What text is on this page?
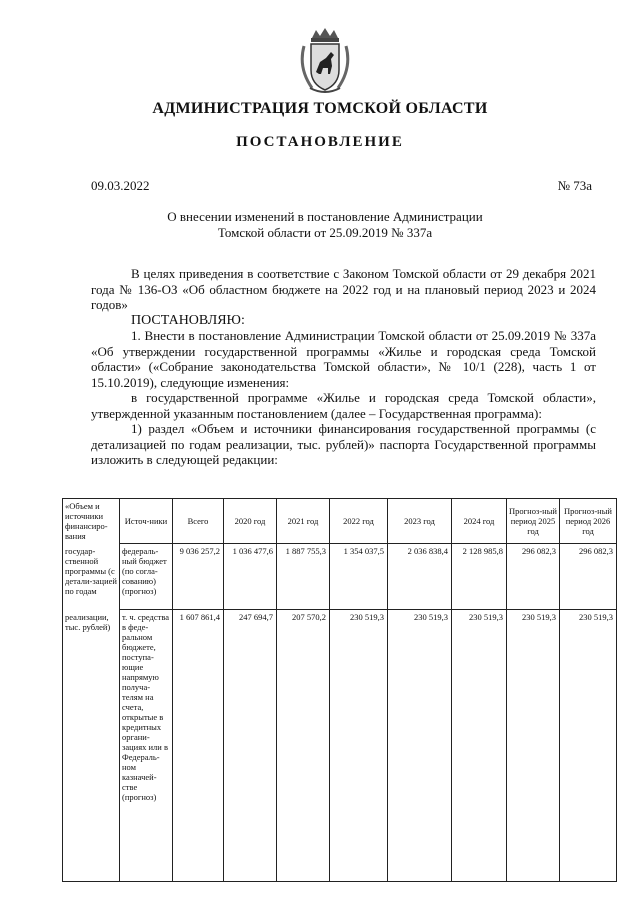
АДМИНИСТРАЦИЯ ТОМСКОЙ ОБЛАСТИ
ПОСТАНОВЛЕНИЕ
09.03.2022	№ 73а
О внесении изменений в постановление Администрации
Томской области от 25.09.2019 № 337а

В целях приведения в соответствие с Законом Томской области от 29 декабря 2021 года № 136-ОЗ «Об областном бюджете на 2022 год и на плановый период 2023 и 2024 годов»

ПОСТАНОВЛЯЮ:

1. Внести в постановление Администрации Томской области от 25.09.2019 № 337а «Об утверждении государственной программы «Жилье и городская среда Томской области» («Собрание законодательства Томской области», № 10/1 (228), часть 1 от 15.10.2019), следующие изменения:

в государственной программе «Жилье и городская среда Томской области», утвержденной указанным постановлением (далее – Государственная программа):

1) раздел «Объем и источники финансирования государственной программы (с детализацией по годам реализации, тыс. рублей)» паспорта Государственной программы изложить в следующей редакции:

«Объем и источники финансиро-вания	Источ-ники	Всего	2020 год	2021 год	2022 год	2023 год	2024 год	Прогноз-ный период 2025 год	Прогноз-ный период 2026 год
государ-ственной программы (с детали-зацией по годам	федераль-ный бюджет (по согла-сованию) (прогноз)	9 036 257,2	1 036 477,6	1 887 755,3	1 354 037,5	2 036 838,4	2 128 985,8	296 082,3	296 082,3
реализации, тыс. рублей)	т. ч. средства в феде-ральном бюджете, поступа-ющие напрямую получа-телям на счета, открытые в кредитных органи-зациях или в Федераль-ном казначей-стве (прогноз)	1 607 861,4	247 694,7	207 570,2	230 519,3	230 519,3	230 519,3	230 519,3	230 519,3
